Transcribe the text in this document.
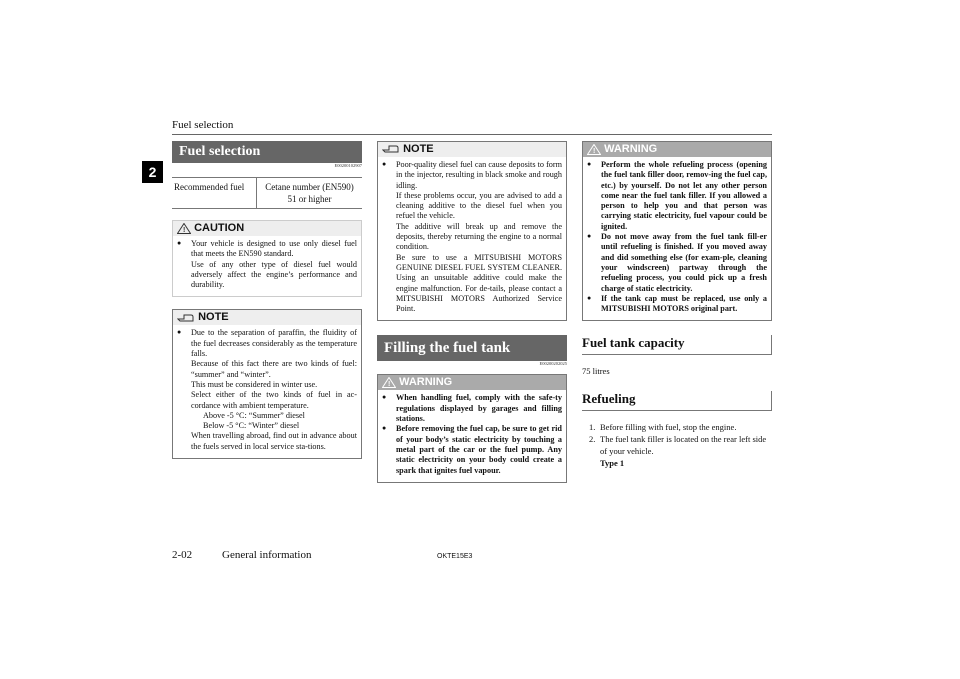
Fuel selection
2
Fuel selection
E00200102907
Recommended fuel	Cetane number (EN590)
51 or higher
! CAUTION
● Your vehicle is designed to use only diesel fuel that meets the EN590 standard.
Use of any other type of diesel fuel would adversely affect the engine’s performance and durability.
NOTE
● Due to the separation of paraffin, the fluidity of the fuel decreases considerably as the temperature falls.
Because of this fact there are two kinds of fuel: “summer” and “winter”.
This must be considered in winter use.
Select either of the two kinds of fuel in ac-cordance with ambient temperature.
Above -5 °C: “Summer” diesel
Below -5 °C: “Winter” diesel
When travelling abroad, find out in advance about the fuels served in local service sta-tions.
NOTE
● Poor-quality diesel fuel can cause deposits to form in the injector, resulting in black smoke and rough idling.
If these problems occur, you are advised to add a cleaning additive to the diesel fuel when you refuel the vehicle.
The additive will break up and remove the deposits, thereby returning the engine to a normal condition.
Be sure to use a MITSUBISHI MOTORS GENUINE DIESEL FUEL SYSTEM CLEANER. Using an unsuitable additive could make the engine malfunction. For de-tails, please contact a MITSUBISHI MOTORS Authorized Service Point.
Filling the fuel tank
E00200202025
! WARNING
● When handling fuel, comply with the safe-ty regulations displayed by garages and filling stations.
● Before removing the fuel cap, be sure to get rid of your body’s static electricity by touching a metal part of the car or the fuel pump. Any static electricity on your body could create a spark that ignites fuel vapour.
! WARNING
● Perform the whole refueling process (opening the fuel tank filler door, remov-ing the fuel cap, etc.) by yourself. Do not let any other person come near the fuel tank filler. If you allowed a person to help you and that person was carrying static electricity, fuel vapour could be ignited.
● Do not move away from the fuel tank fill-er until refueling is finished. If you moved away and did something else (for exam-ple, cleaning your windscreen) partway through the refueling process, you could pick up a fresh charge of static electricity.
● If the tank cap must be replaced, use only a MITSUBISHI MOTORS original part.
Fuel tank capacity
75 litres
Refueling
1. Before filling with fuel, stop the engine.
2. The fuel tank filler is located on the rear left side of your vehicle.
Type 1
2-02	General information	OKTE15E3
